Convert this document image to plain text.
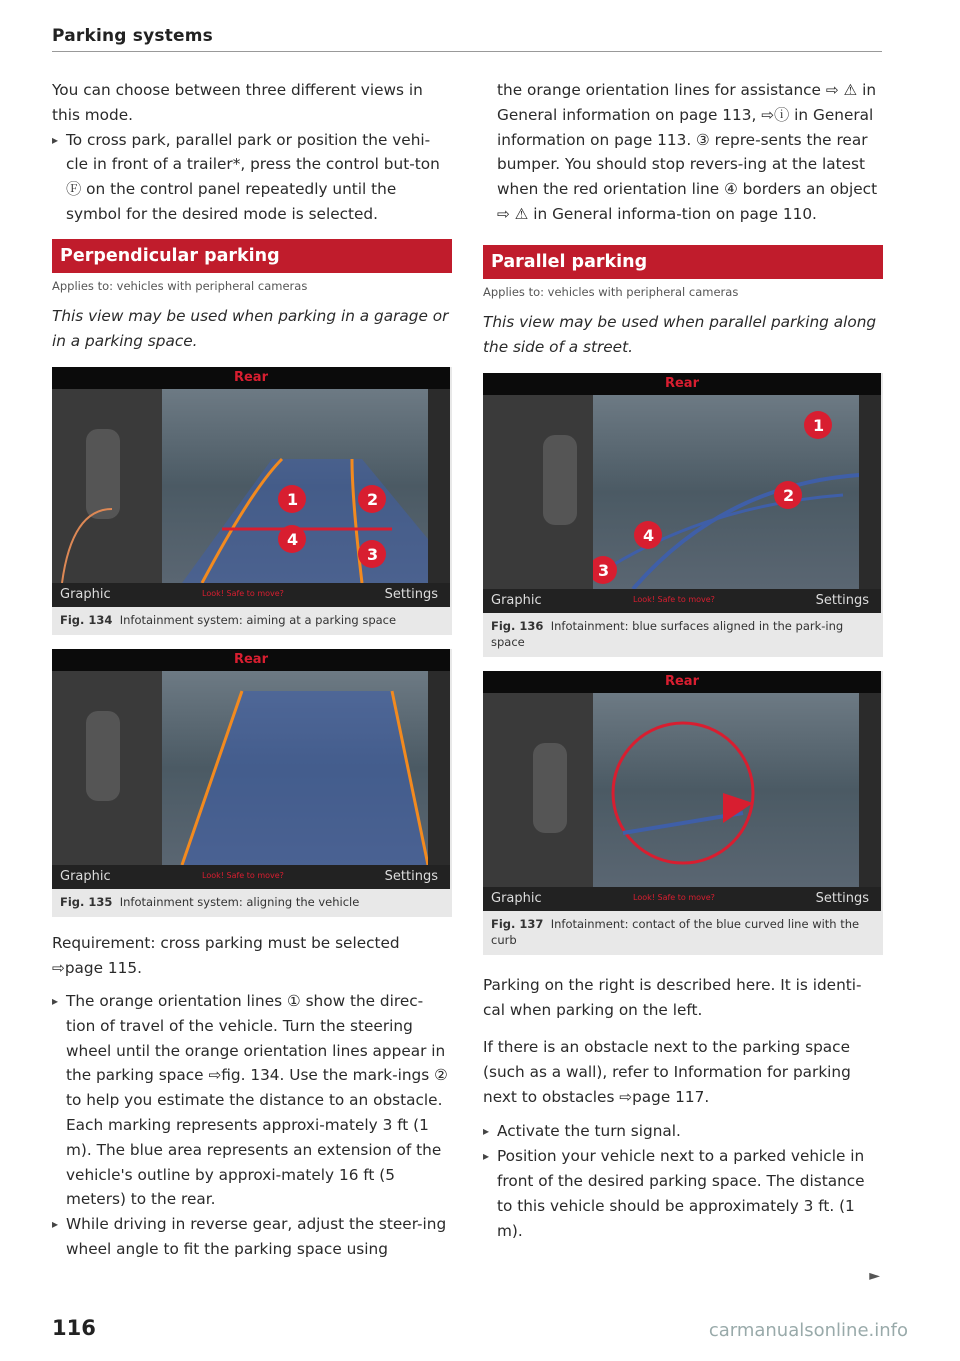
Parking systems

You can choose between three different views in this mode.

▸ To cross park, parallel park or position the vehi-cle in front of a trailer*, press the control but-ton Ⓕ on the control panel repeatedly until the symbol for the desired mode is selected.

Perpendicular parking
Applies to: vehicles with peripheral cameras

This view may be used when parking in a garage or in a parking space.

Rear
1	2
4
3
Graphic	Look! Safe to move?	Settings
Fig. 134 Infotainment system: aiming at a parking space
Rear
Graphic	Look! Safe to move?	Settings
Fig. 135 Infotainment system: aligning the vehicle

Requirement: cross parking must be selected ⇨page 115.

▸ The orange orientation lines ① show the direc-tion of travel of the vehicle. Turn the steering wheel until the orange orientation lines appear in the parking space ⇨fig. 134. Use the mark-ings ② to help you estimate the distance to an obstacle. Each marking represents approxi-mately 3 ft (1 m). The blue area represents an extension of the vehicle's outline by approxi-mately 16 ft (5 meters) to the rear.

▸ While driving in reverse gear, adjust the steer-ing wheel angle to fit the parking space using

the orange orientation lines for assistance ⇨ ⚠ in General information on page 113, ⇨ⓘ in General information on page 113. ③ repre-sents the rear bumper. You should stop revers-ing at the latest when the red orientation line ④ borders an object ⇨ ⚠ in General informa-tion on page 110.

Parallel parking
Applies to: vehicles with peripheral cameras

This view may be used when parallel parking along the side of a street.

Rear
1
2
4
3
Graphic	Look! Safe to move?	Settings
Fig. 136 Infotainment: blue surfaces aligned in the park-ing space
Rear
Graphic	Look! Safe to move?	Settings
Fig. 137 Infotainment: contact of the blue curved line with the curb

Parking on the right is described here. It is identi-cal when parking on the left.

If there is an obstacle next to the parking space (such as a wall), refer to Information for parking next to obstacles ⇨page 117.

▸ Activate the turn signal.

▸ Position your vehicle next to a parked vehicle in front of the desired parking space. The distance to this vehicle should be approximately 3 ft. (1 m).

►
116	carmanualsonline.info
